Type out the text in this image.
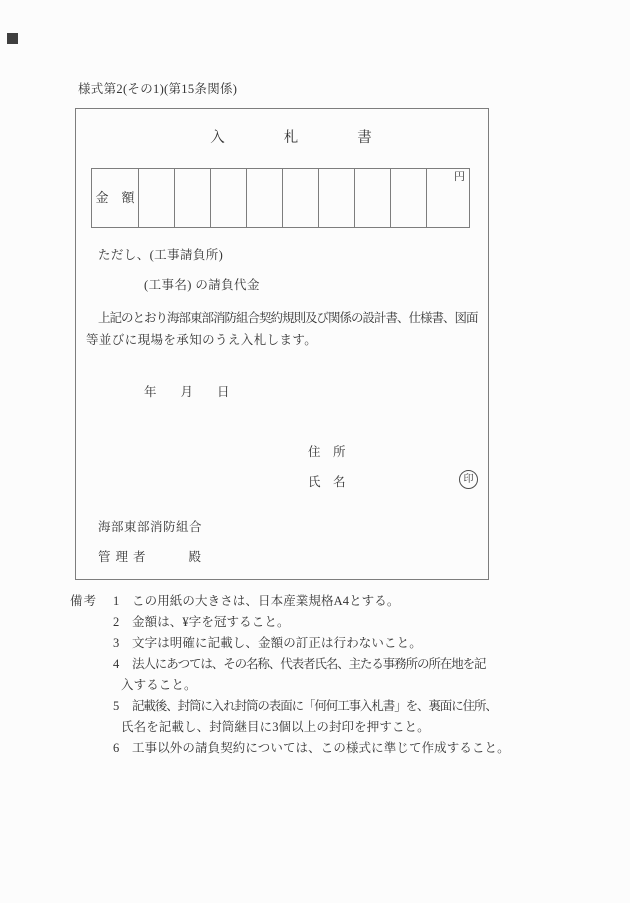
様式第2(その1)(第15条関係)
入	札	書
金　額
円
ただし、(工事請負所)
(工事名) の請負代金
上記のとおり海部東部消防組合契約規則及び関係の設計書、仕様書、図面
等並びに現場を承知のうえ入札します。
年 月 日
住　所
氏　名	印
海部東部消防組合
管理者	殿
備考	1	この用紙の大きさは、日本産業規格A4とする。
2	金額は、¥字を冠すること。
3	文字は明確に記載し、金額の訂正は行わないこと。
4	法人にあつては、その名称、代表者氏名、主たる事務所の所在地を記
入すること。
5	記載後、封筒に入れ封筒の表面に「何何工事入札書」を、裏面に住所、
氏名を記載し、封筒継目に3個以上の封印を押すこと。
6	工事以外の請負契約については、この様式に準じて作成すること。
